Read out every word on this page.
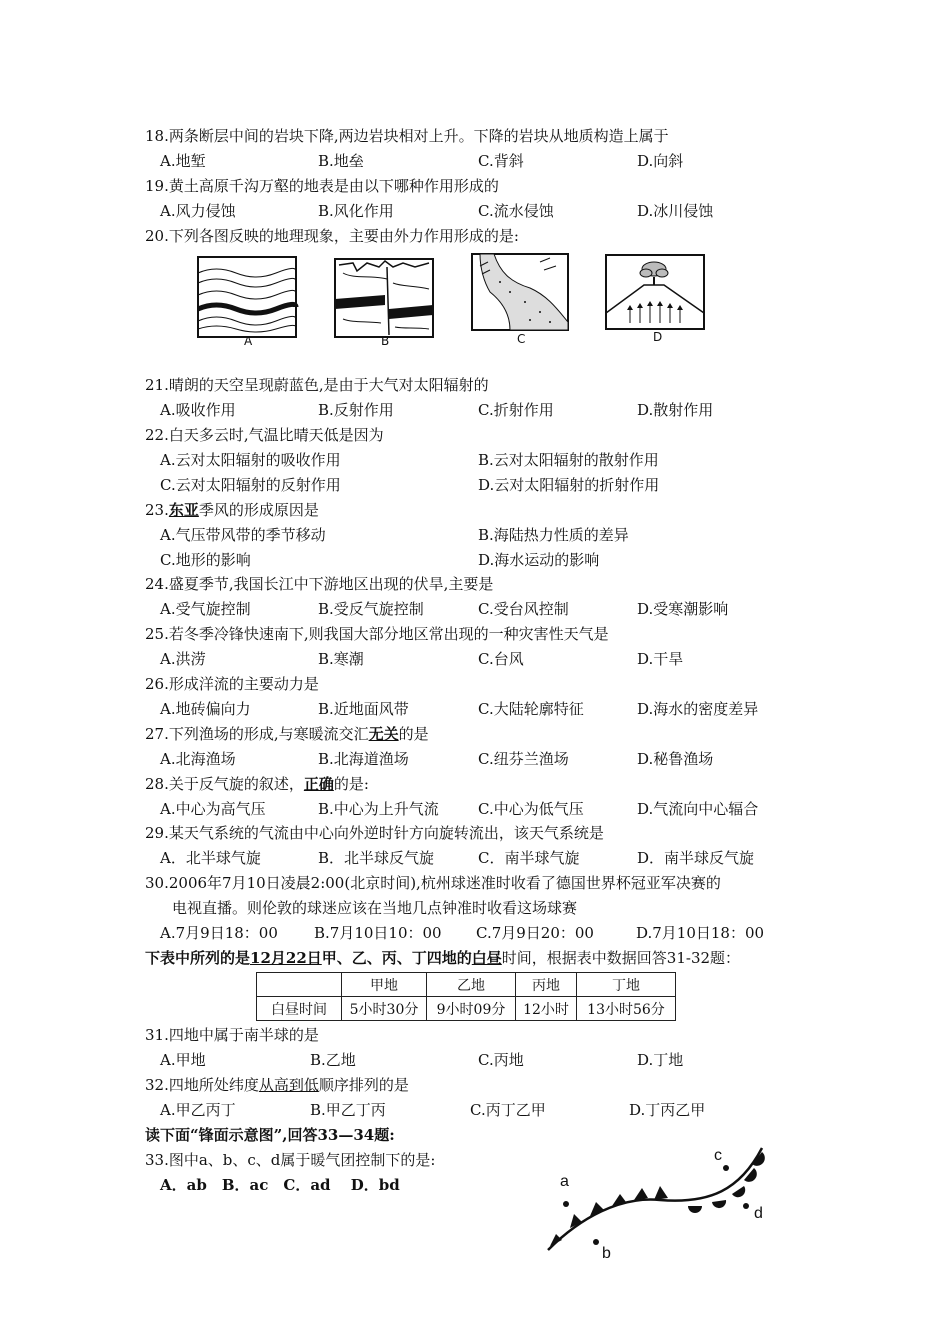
18.两条断层中间的岩块下降,两边岩块相对上升。下降的岩块从地质构造上属于
A.地堑	B.地垒	C.背斜	D.向斜
19.黄土高原千沟万壑的地表是由以下哪种作用形成的
A.风力侵蚀	B.风化作用	C.流水侵蚀	D.冰川侵蚀
20.下列各图反映的地理现象，主要由外力作用形成的是:
A	B	C	D
21.晴朗的天空呈现蔚蓝色,是由于大气对太阳辐射的
A.吸收作用	B.反射作用	C.折射作用	D.散射作用
22.白天多云时,气温比晴天低是因为
A.云对太阳辐射的吸收作用	B.云对太阳辐射的散射作用
C.云对太阳辐射的反射作用	D.云对太阳辐射的折射作用
23.东亚季风的形成原因是
A.气压带风带的季节移动	B.海陆热力性质的差异
C.地形的影响	D.海水运动的影响
24.盛夏季节,我国长江中下游地区出现的伏旱,主要是
A.受气旋控制	B.受反气旋控制	C.受台风控制	D.受寒潮影响
25.若冬季冷锋快速南下,则我国大部分地区常出现的一种灾害性天气是
A.洪涝	B.寒潮	C.台风	D.干旱
26.形成洋流的主要动力是
A.地砖偏向力	B.近地面风带	C.大陆轮廓特征	D.海水的密度差异
27.下列渔场的形成,与寒暖流交汇无关的是
A.北海渔场	B.北海道渔场	C.纽芬兰渔场	D.秘鲁渔场
28.关于反气旋的叙述，正确的是:
A.中心为高气压	B.中心为上升气流	C.中心为低气压	D.气流向中心辐合
29.某天气系统的气流由中心向外逆时针方向旋转流出，该天气系统是
A．北半球气旋	B．北半球反气旋	C．南半球气旋	D．南半球反气旋
30.2006年7月10日凌晨2:00(北京时间),杭州球迷准时收看了德国世界杯冠亚军决赛的
电视直播。则伦敦的球迷应该在当地几点钟准时收看这场球赛
A.7月9日18：00 B.7月10日10：00 C.7月9日20：00	D.7月10日18：00
下表中所列的是12月22日甲、乙、丙、丁四地的白昼时间，根据表中数据回答31-32题：
	甲地	乙地	丙地	丁地
白昼时间	5小时30分	9小时09分	12小时	13小时56分
31.四地中属于南半球的是
A.甲地	B.乙地	C.丙地	D.丁地
32.四地所处纬度从高到低顺序排列的是
A.甲乙丙丁	B.甲乙丁丙	C.丙丁乙甲	D.丁丙乙甲
读下面“锋面示意图”,回答33—34题:
33.图中a、b、c、d属于暖气团控制下的是:
A．ab　B．ac　C．ad　 D．bd	a
b
c
d
